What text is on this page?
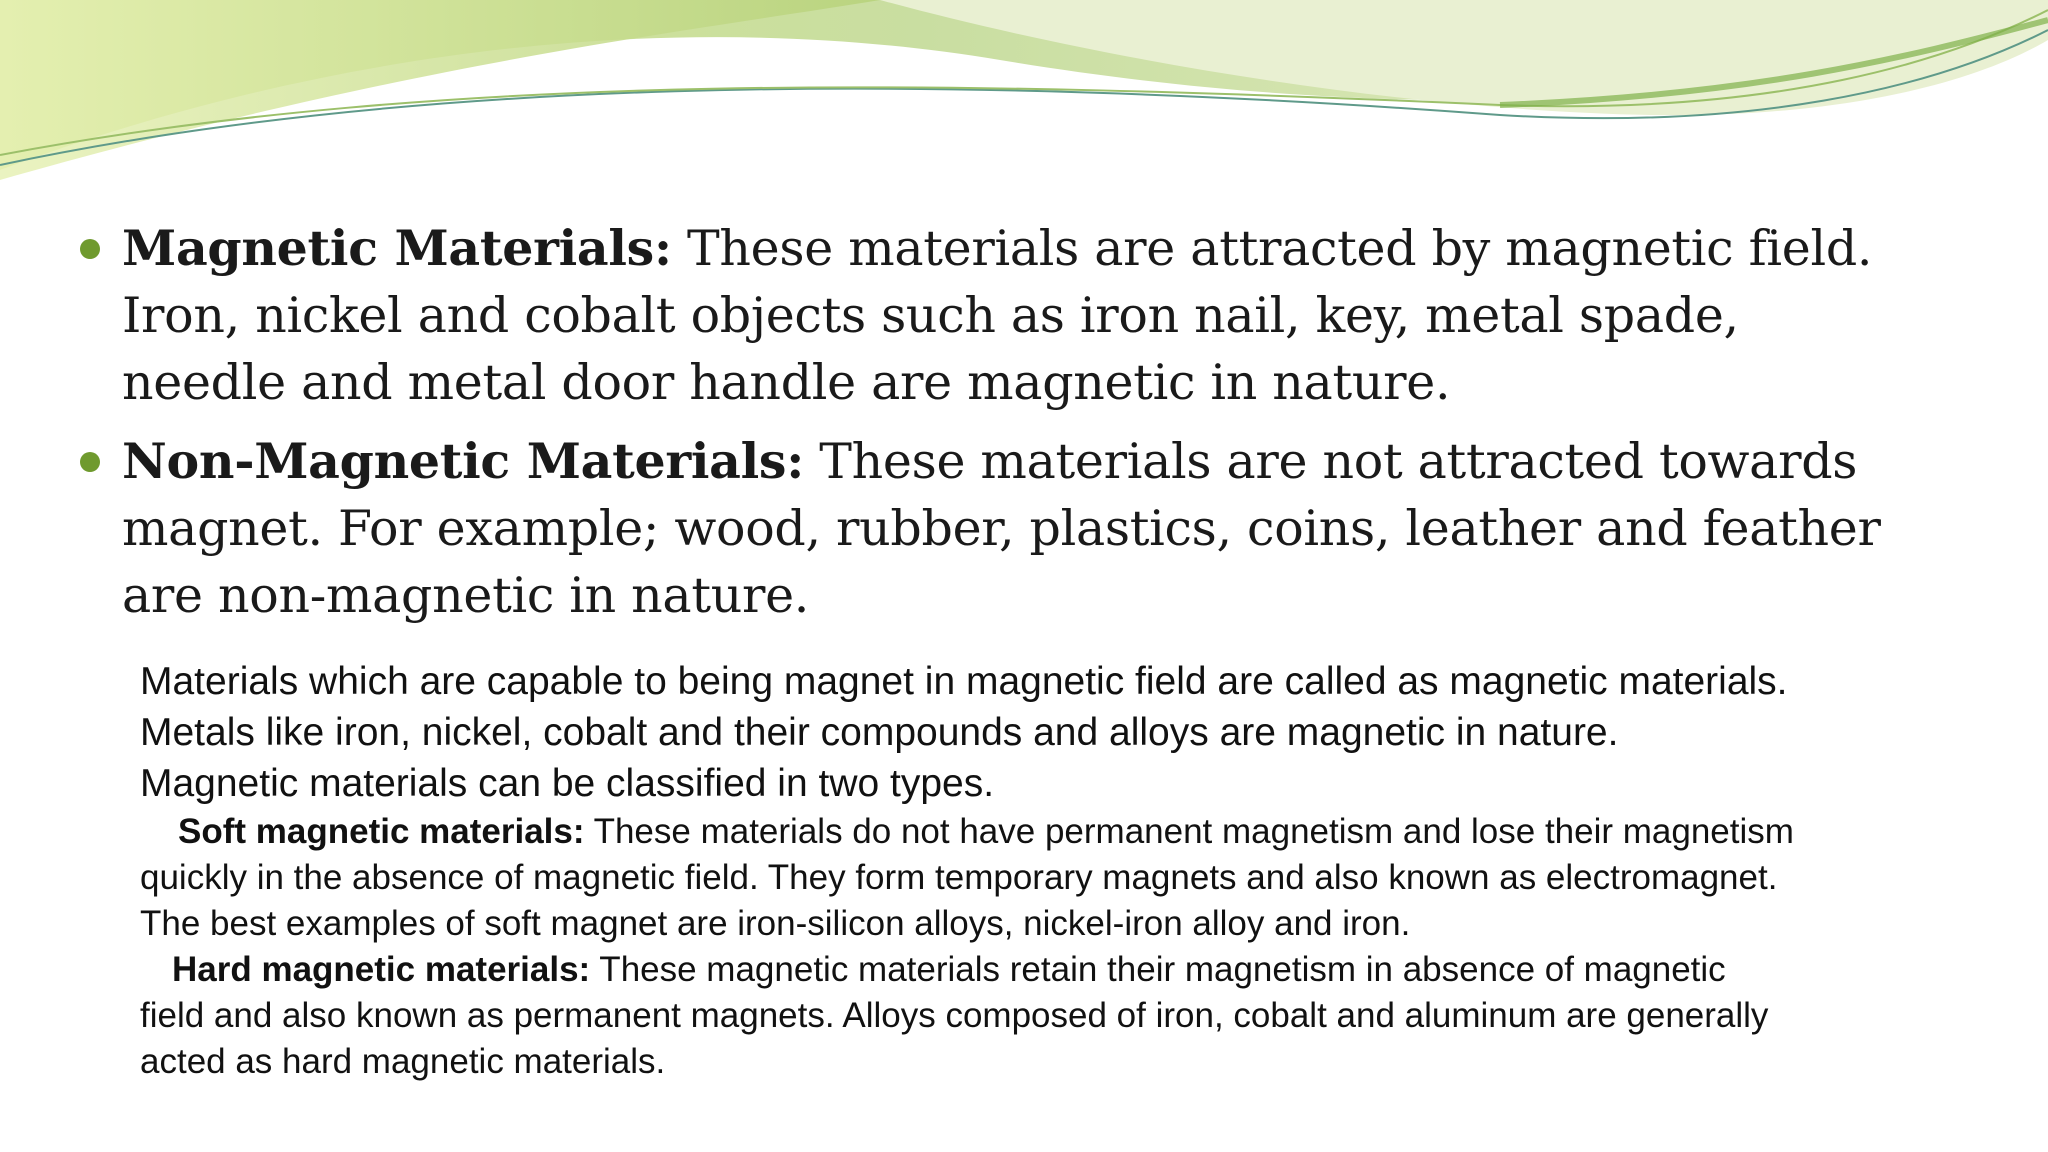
Magnetic Materials: These materials are attracted by magnetic field.
Iron, nickel and cobalt objects such as iron nail, key, metal spade,
needle and metal door handle are magnetic in nature.
Non-Magnetic Materials: These materials are not attracted towards
magnet. For example; wood, rubber, plastics, coins, leather and feather
are non-magnetic in nature.

Materials which are capable to being magnet in magnetic field are called as magnetic materials.

Metals like iron, nickel, cobalt and their compounds and alloys are magnetic in nature.

Magnetic materials can be classified in two types.

Soft magnetic materials: These materials do not have permanent magnetism and lose their magnetism

quickly in the absence of magnetic field. They form temporary magnets and also known as electromagnet.

The best examples of soft magnet are iron-silicon alloys, nickel-iron alloy and iron.

Hard magnetic materials: These magnetic materials retain their magnetism in absence of magnetic

field and also known as permanent magnets. Alloys composed of iron, cobalt and aluminum are generally

acted as hard magnetic materials.
